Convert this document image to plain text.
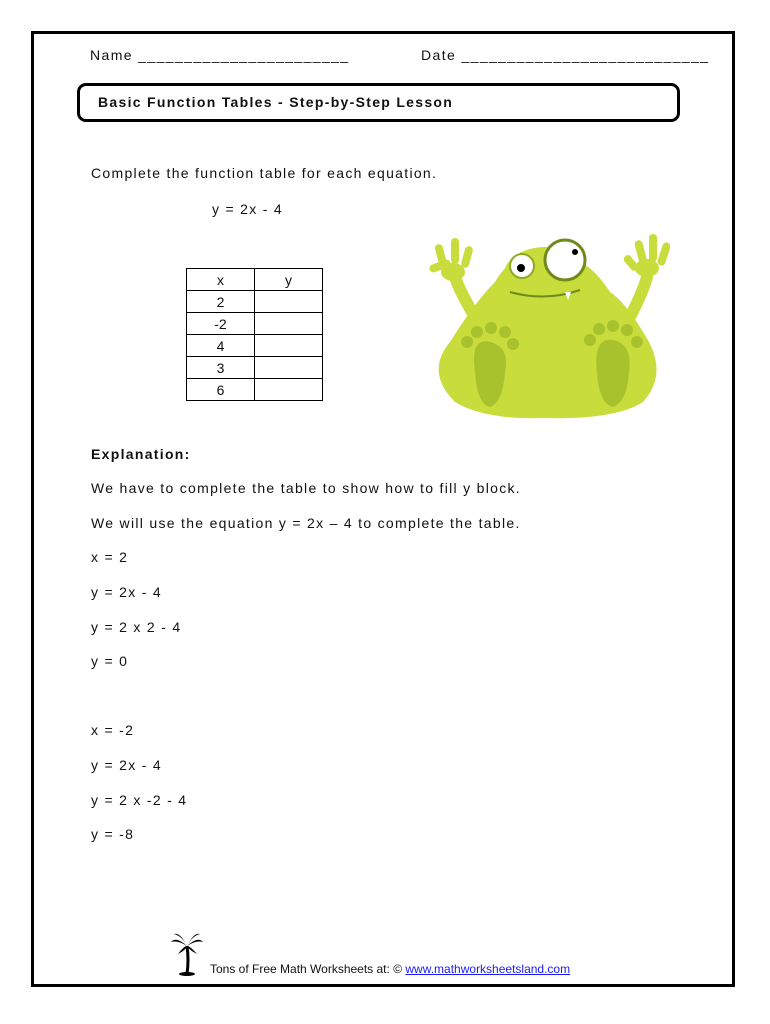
Name _______________________	Date ___________________________
Basic Function Tables - Step-by-Step Lesson
Complete the function table for each equation.
y = 2x - 4
x	y
2	
-2	
4	
3	
6	
Explanation:
We have to complete the table to show how to fill y block.
We will use the equation y = 2x – 4 to complete the table.
x = 2
y = 2x - 4
y = 2 x 2 - 4
y = 0
x = -2
y = 2x - 4
y = 2 x -2 - 4
y = -8
Tons of Free Math Worksheets at: © www.mathworksheetsland.com
